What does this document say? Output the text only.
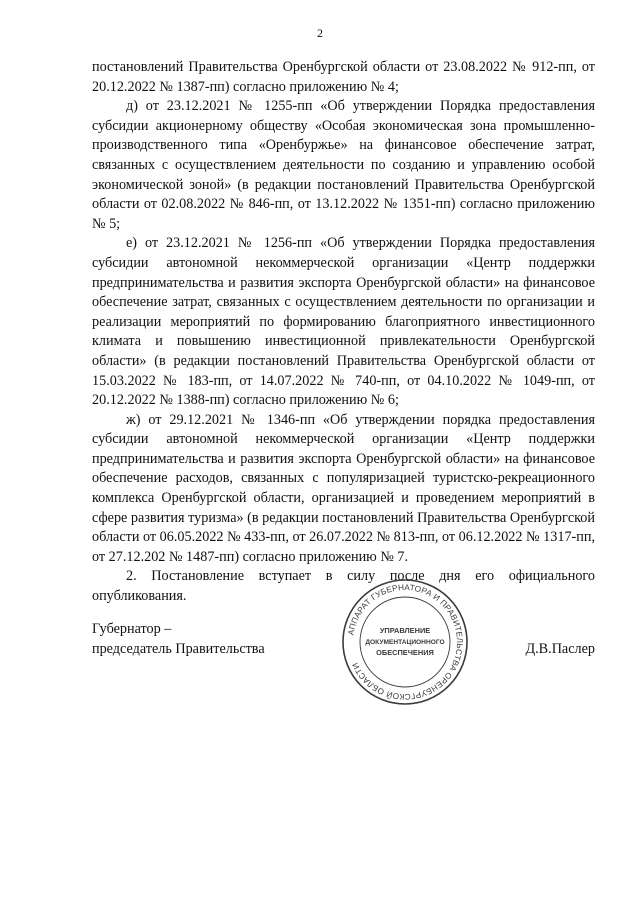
2

постановлений Правительства Оренбургской области от 23.08.2022 № 912-пп, от 20.12.2022 № 1387-пп) согласно приложению № 4;

д) от 23.12.2021 № 1255-пп «Об утверждении Порядка предоставления субсидии акционерному обществу «Особая экономическая зона промышленно-производственного типа «Оренбуржье» на финансовое обеспечение затрат, связанных с осуществлением деятельности по созданию и управлению особой экономической зоной» (в редакции постановлений Правительства Оренбургской области от 02.08.2022 № 846-пп, от 13.12.2022 № 1351-пп) согласно приложению № 5;

е) от 23.12.2021 № 1256-пп «Об утверждении Порядка предоставления субсидии автономной некоммерческой организации «Центр поддержки предпринимательства и развития экспорта Оренбургской области» на финансовое обеспечение затрат, связанных с осуществлением деятельности по организации и реализации мероприятий по формированию благоприятного инвестиционного климата и повышению инвестиционной привлекательности Оренбургской области» (в редакции постановлений Правительства Оренбургской области от 15.03.2022 № 183-пп, от 14.07.2022 № 740-пп, от 04.10.2022 № 1049-пп, от 20.12.2022 № 1388-пп) согласно приложению № 6;

ж) от 29.12.2021 № 1346-пп «Об утверждении порядка предоставления субсидии автономной некоммерческой организации «Центр поддержки предпринимательства и развития экспорта Оренбургской области» на финансовое обеспечение расходов, связанных с популяризацией туристско-рекреационного комплекса Оренбургской области, организацией и проведением мероприятий в сфере развития туризма» (в редакции постановлений Правительства Оренбургской области от 06.05.2022 № 433-пп, от 26.07.2022 № 813-пп, от 06.12.2022 № 1317-пп, от 27.12.202 № 1487-пп) согласно приложению № 7.

2. Постановление вступает в силу после дня его официального опубликования.

Губернатор –
председатель Правительства
АППАРАТ ГУБЕРНАТОРА И ПРАВИТЕЛЬСТВА ОРЕНБУРГСКОЙ ОБЛАСТИ
УПРАВЛЕНИЕ
ДОКУМЕНТАЦИОННОГО
ОБЕСПЕЧЕНИЯ	Д.В.Паслер
